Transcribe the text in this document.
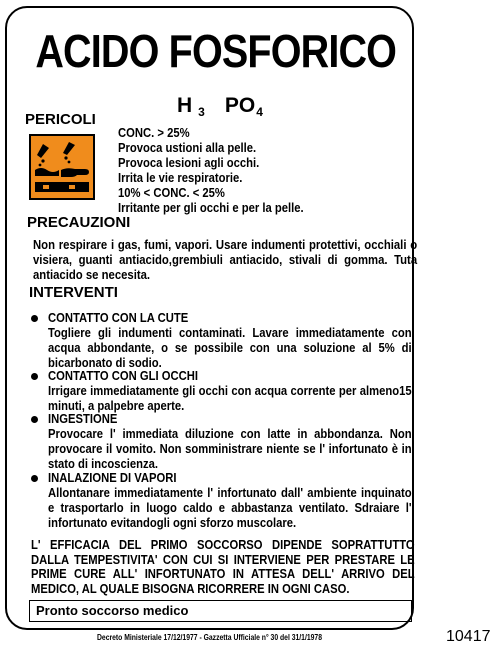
ACIDO FOSFORICO
H 3 PO4
PERICOLI
CONC. > 25%
Provoca ustioni alla pelle.
Provoca lesioni agli occhi.
Irrita le vie respiratorie.
10% < CONC. < 25%
Irritante per gli occhi e per la pelle.
PRECAUZIONI
Non respirare i gas, fumi, vapori. Usare indumenti protettivi, occhiali o visiera, guanti antiacido,grembiuli antiacido, stivali di gomma. Tuta antiacido se necesita.
INTERVENTI
CONTATTO CON LA CUTE
Togliere gli indumenti contaminati. Lavare immediatamente con acqua abbondante, o se possibile con una soluzione al 5% di bicarbonato di sodio.
CONTATTO CON GLI OCCHI
Irrigare immediatamente gli occhi con acqua corrente per almeno15 minuti, a palpebre aperte.
INGESTIONE
Provocare l' immediata diluzione con latte in abbondanza. Non provocare il vomito. Non somministrare niente se l' infortunato è in stato di incoscienza.
INALAZIONE DI VAPORI
Allontanare immediatamente l' infortunato dall' ambiente inquinato e trasportarlo in luogo caldo e abbastanza ventilato. Sdraiare l' infortunato evitandogli ogni sforzo muscolare.
L' EFFICACIA DEL PRIMO SOCCORSO DIPENDE SOPRATTUTTO DALLA TEMPESTIVITA' CON CUI SI INTERVIENE PER PRESTARE LE PRIME CURE ALL' INFORTUNATO IN ATTESA DELL' ARRIVO DEL MEDICO, AL QUALE BISOGNA RICORRERE IN OGNI CASO.
Pronto soccorso medico
Decreto Ministeriale 17/12/1977 - Gazzetta Ufficiale n° 30 del 31/1/1978	10417
